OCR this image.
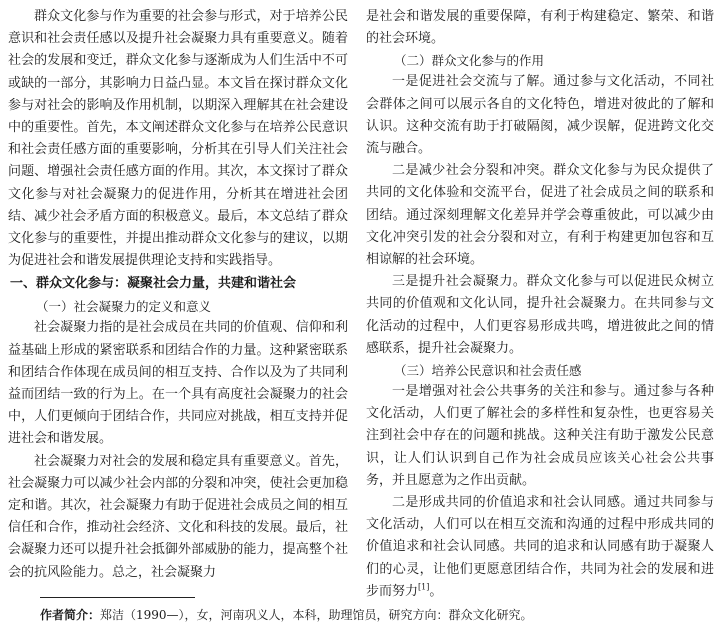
群众文化参与作为重要的社会参与形式，对于培养公民意识和社会责任感以及提升社会凝聚力具有重要意义。随着社会的发展和变迁，群众文化参与逐渐成为人们生活中不可或缺的一部分，其影响力日益凸显。本文旨在探讨群众文化参与对社会的影响及作用机制，以期深入理解其在社会建设中的重要性。首先，本文阐述群众文化参与在培养公民意识和社会责任感方面的重要影响，分析其在引导人们关注社会问题、增强社会责任感方面的作用。其次，本文探讨了群众文化参与对社会凝聚力的促进作用，分析其在增进社会团结、减少社会矛盾方面的积极意义。最后，本文总结了群众文化参与的重要性，并提出推动群众文化参与的建议，以期为促进社会和谐发展提供理论支持和实践指导。

一、群众文化参与：凝聚社会力量，共建和谐社会

（一）社会凝聚力的定义和意义

社会凝聚力指的是社会成员在共同的价值观、信仰和利益基础上形成的紧密联系和团结合作的力量。这种紧密联系和团结合作体现在成员间的相互支持、合作以及为了共同利益而团结一致的行为上。在一个具有高度社会凝聚力的社会中，人们更倾向于团结合作，共同应对挑战，相互支持并促进社会和谐发展。

社会凝聚力对社会的发展和稳定具有重要意义。首先，社会凝聚力可以减少社会内部的分裂和冲突，使社会更加稳定和谐。其次，社会凝聚力有助于促进社会成员之间的相互信任和合作，推动社会经济、文化和科技的发展。最后，社会凝聚力还可以提升社会抵御外部威胁的能力，提高整个社会的抗风险能力。总之，社会凝聚力

是社会和谐发展的重要保障，有利于构建稳定、繁荣、和谐的社会环境。

（二）群众文化参与的作用

一是促进社会交流与了解。通过参与文化活动，不同社会群体之间可以展示各自的文化特色，增进对彼此的了解和认识。这种交流有助于打破隔阂，减少误解，促进跨文化交流与融合。

二是减少社会分裂和冲突。群众文化参与为民众提供了共同的文化体验和交流平台，促进了社会成员之间的联系和团结。通过深刻理解文化差异并学会尊重彼此，可以减少由文化冲突引发的社会分裂和对立，有利于构建更加包容和互相谅解的社会环境。

三是提升社会凝聚力。群众文化参与可以促进民众树立共同的价值观和文化认同，提升社会凝聚力。在共同参与文化活动的过程中，人们更容易形成共鸣，增进彼此之间的情感联系，提升社会凝聚力。

（三）培养公民意识和社会责任感

一是增强对社会公共事务的关注和参与。通过参与各种文化活动，人们更了解社会的多样性和复杂性，也更容易关注到社会中存在的问题和挑战。这种关注有助于激发公民意识，让人们认识到自己作为社会成员应该关心社会公共事务，并且愿意为之作出贡献。

二是形成共同的价值追求和社会认同感。通过共同参与文化活动，人们可以在相互交流和沟通的过程中形成共同的价值追求和社会认同感。共同的追求和认同感有助于凝聚人们的心灵，让他们更愿意团结合作，共同为社会的发展和进步而努力[1]。

作者简介：郑洁（1990—），女，河南巩义人，本科，助理馆员，研究方向：群众文化研究。
